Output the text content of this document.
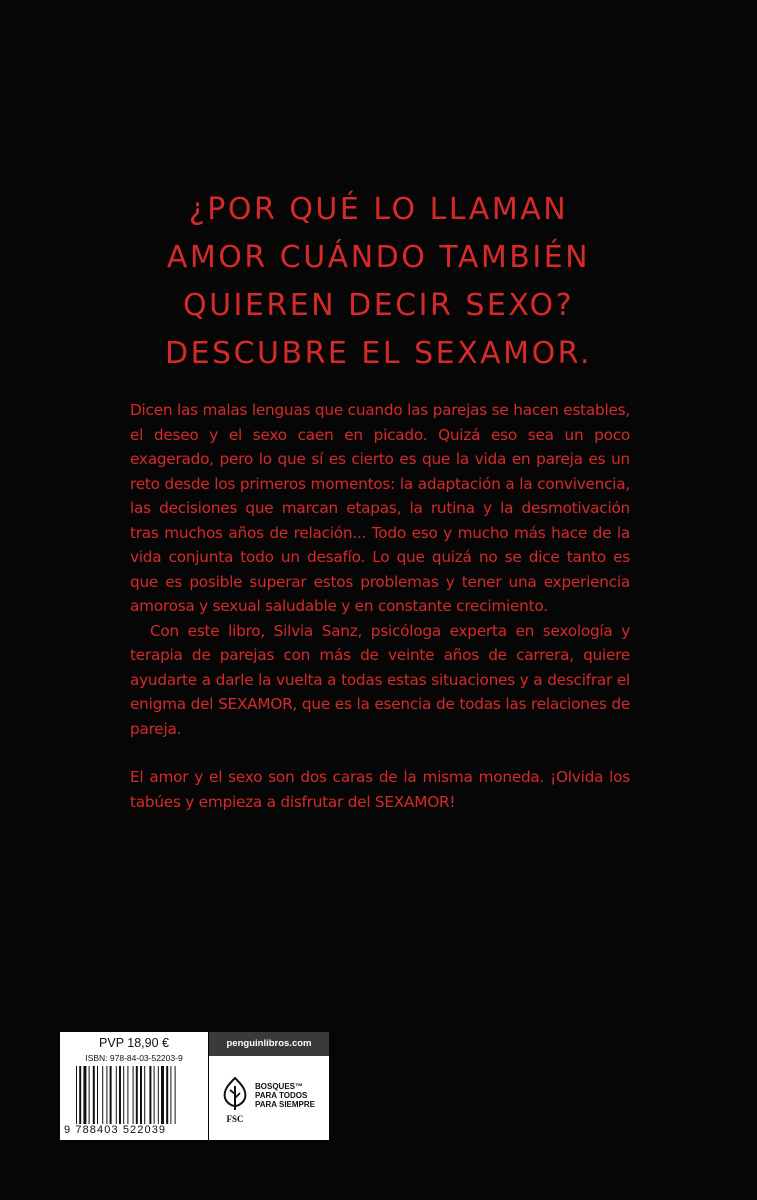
¿POR QUÉ LO LLAMAN
AMOR CUÁNDO TAMBIÉN
QUIEREN DECIR SEXO?
DESCUBRE EL SEXAMOR.

Dicen las malas lenguas que cuando las parejas se hacen estables, el deseo y el sexo caen en picado. Quizá eso sea un poco exagerado, pero lo que sí es cierto es que la vida en pareja es un reto desde los primeros momentos: la adaptación a la convivencia, las decisiones que marcan etapas, la rutina y la desmotivación tras muchos años de relación... Todo eso y mucho más hace de la vida conjunta todo un desafío. Lo que quizá no se dice tanto es que es posible superar estos problemas y tener una experiencia amorosa y sexual saludable y en constante crecimiento.

Con este libro, Silvia Sanz, psicóloga experta en sexología y terapia de parejas con más de veinte años de carrera, quiere ayudarte a darle la vuelta a todas estas situaciones y a descifrar el enigma del SEXAMOR, que es la esencia de todas las relaciones de pareja.

El amor y el sexo son dos caras de la misma moneda. ¡Olvida los tabúes y empieza a disfrutar del SEXAMOR!

PVP 18,90 €
ISBN: 978-84-03-52203-9
9 788403 522039
penguinlibros.com
FSC
BOSQUES™
PARA TODOS
PARA SIEMPRE
